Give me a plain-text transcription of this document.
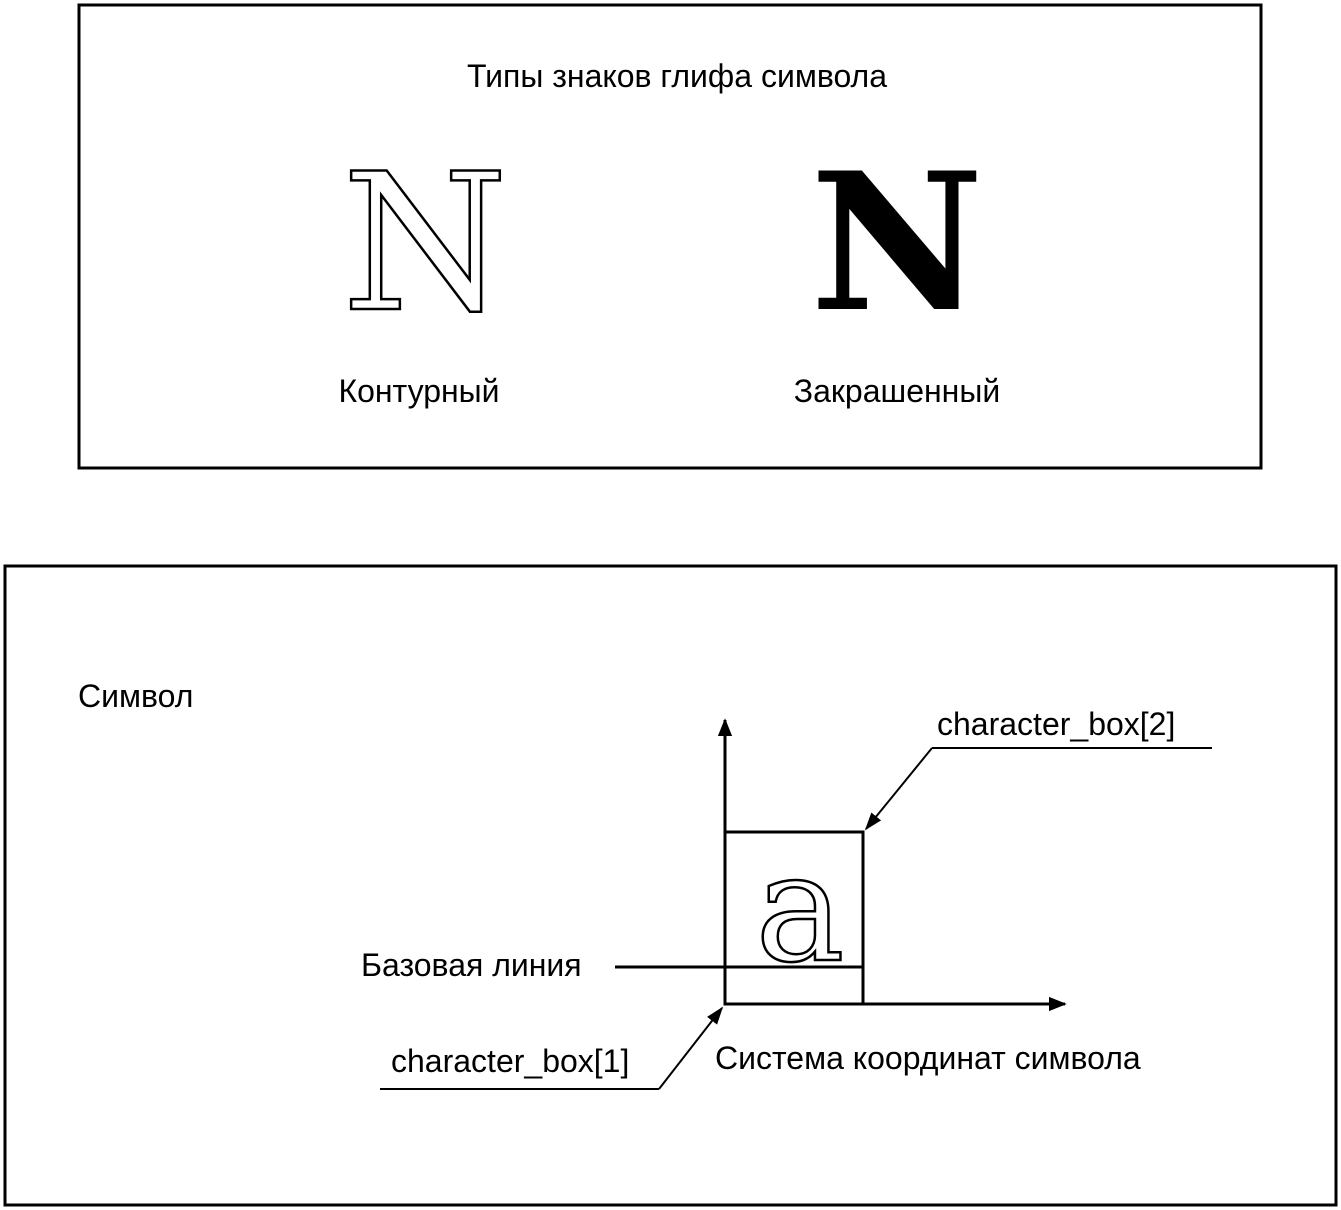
Типы знаков глифа символа
N N
Контурный	Закрашенный
Символ
a
Базовая линия
character_box[2]
character_box[1]	Система координат символа
